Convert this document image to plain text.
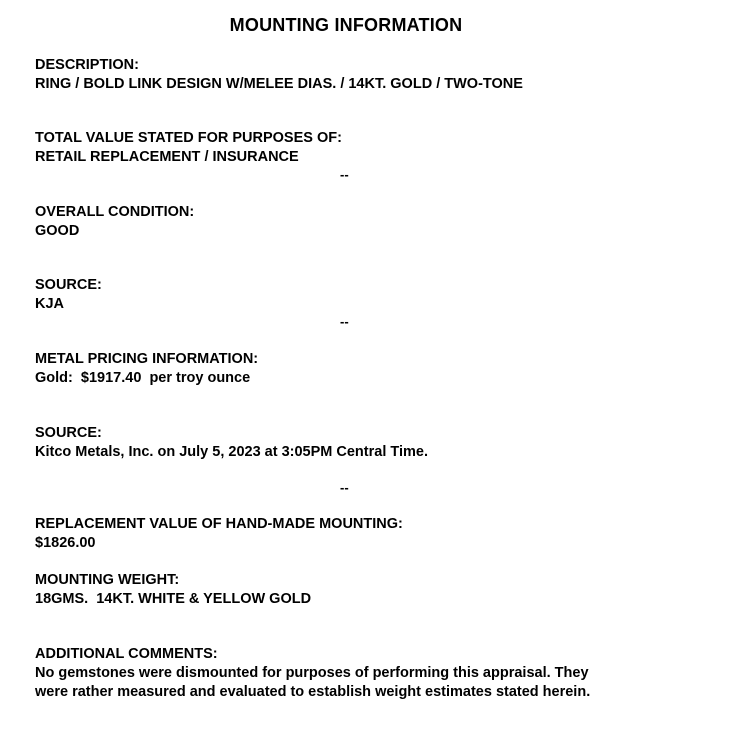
MOUNTING INFORMATION
DESCRIPTION:
RING / BOLD LINK DESIGN W/MELEE DIAS. / 14KT. GOLD / TWO-TONE
TOTAL VALUE STATED FOR PURPOSES OF:
RETAIL REPLACEMENT / INSURANCE
--
OVERALL CONDITION:
GOOD
SOURCE:
KJA
--
METAL PRICING INFORMATION:
Gold:  $1917.40  per troy ounce
SOURCE:
Kitco Metals, Inc. on July 5, 2023 at 3:05PM Central Time.
--
REPLACEMENT VALUE OF HAND-MADE MOUNTING:
$1826.00
MOUNTING WEIGHT:
18GMS.  14KT. WHITE & YELLOW GOLD
ADDITIONAL COMMENTS:
No gemstones were dismounted for purposes of performing this appraisal. They
were rather measured and evaluated to establish weight estimates stated herein.
